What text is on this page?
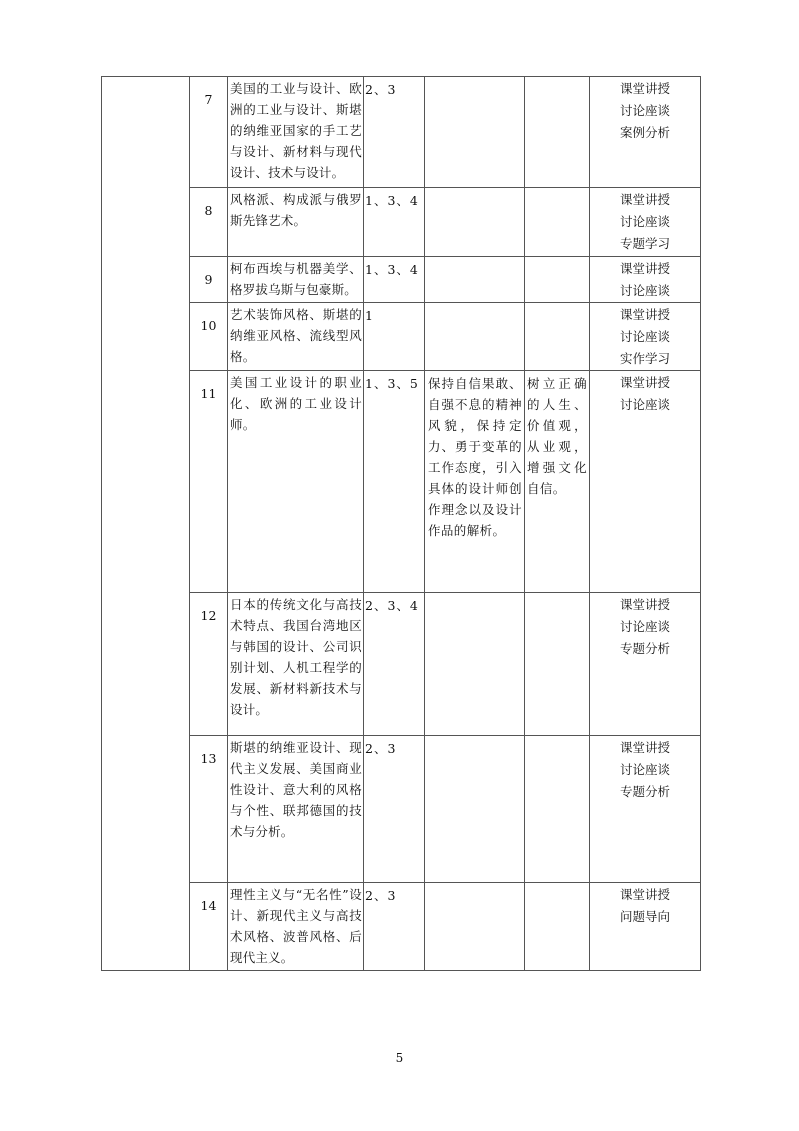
	7	美国的工业与设计、欧洲的工业与设计、斯堪的纳维亚国家的手工艺与设计、新材料与现代设计、技术与设计。	2、3			课堂讲授
讨论座谈
案例分析

	8	风格派、构成派与俄罗斯先锋艺术。	1、3、4			课堂讲授
讨论座谈
专题学习

	9	柯布西埃与机器美学、格罗拔乌斯与包豪斯。	1、3、4			课堂讲授
讨论座谈

	10	艺术装饰风格、斯堪的纳维亚风格、流线型风格。	1			课堂讲授
讨论座谈
实作学习

	11	美国工业设计的职业化、欧洲的工业设计师。	1、3、5	保持自信果敢、自强不息的精神风貌，保持定力、勇于变革的工作态度，引入具体的设计师创作理念以及设计作品的解析。	树立正确的人生、价值观，从业观，增强文化自信。	课堂讲授
讨论座谈

	12	日本的传统文化与高技术特点、我国台湾地区与韩国的设计、公司识别计划、人机工程学的发展、新材料新技术与设计。	2、3、4			课堂讲授
讨论座谈
专题分析

	13	斯堪的纳维亚设计、现代主义发展、美国商业性设计、意大利的风格与个性、联邦德国的技术与分析。	2、3			课堂讲授
讨论座谈
专题分析

	14	理性主义与“无名性”设计、新现代主义与高技术风格、波普风格、后现代主义。	2、3			课堂讲授
问题导向
5
